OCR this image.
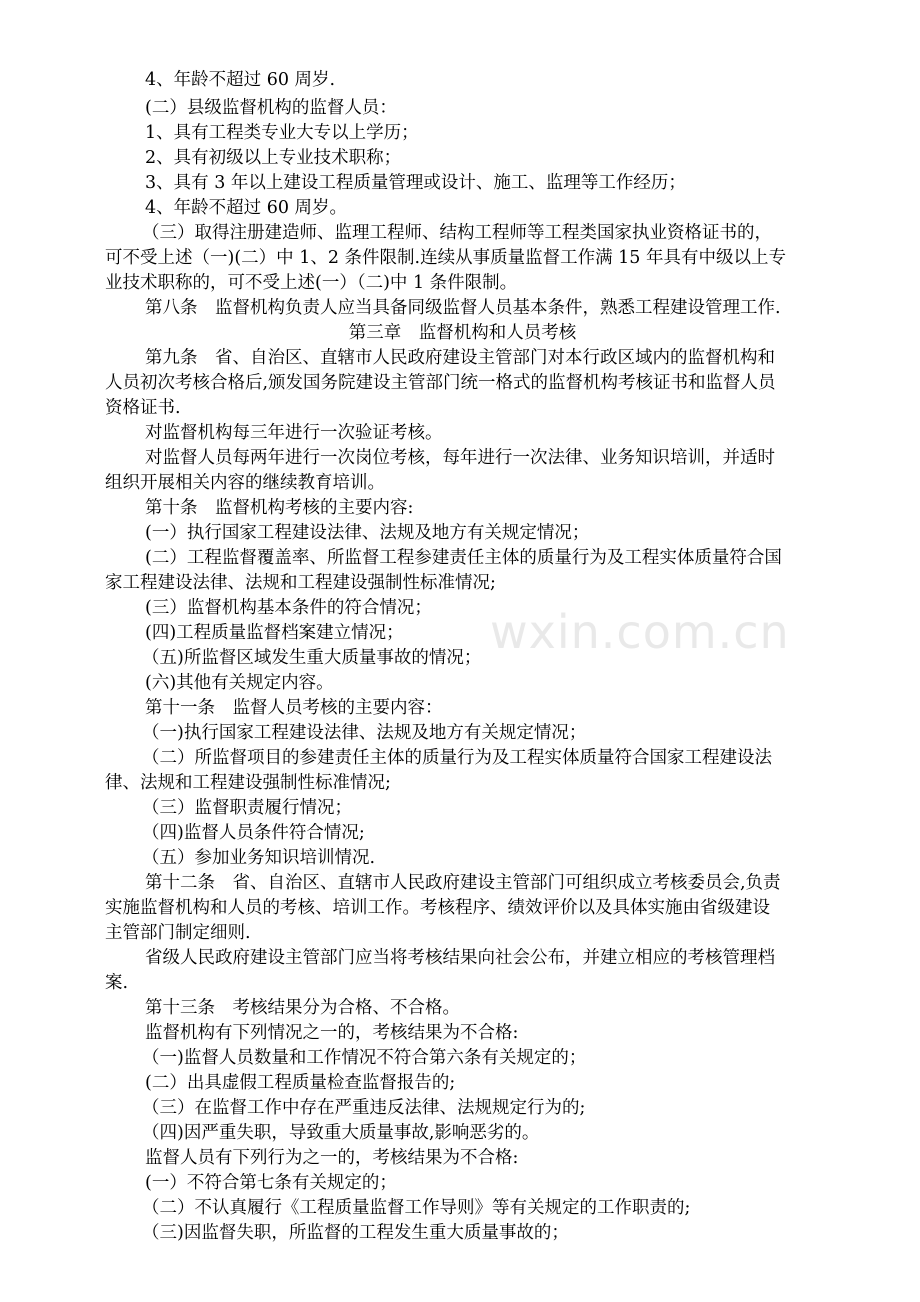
wxin.com.cn
4、年龄不超过 60 周岁.
(二）县级监督机构的监督人员：
1、具有工程类专业大专以上学历；
2、具有初级以上专业技术职称；
3、具有 3 年以上建设工程质量管理或设计、施工、监理等工作经历；
4、年龄不超过 60 周岁。
（三）取得注册建造师、监理工程师、结构工程师等工程类国家执业资格证书的，
可不受上述（一)(二）中 1、2 条件限制.连续从事质量监督工作满 15 年具有中级以上专
业技术职称的，可不受上述(一）（二)中 1 条件限制。
第八条　监督机构负责人应当具备同级监督人员基本条件，熟悉工程建设管理工作.
第三章　监督机构和人员考核
第九条　省、自治区、直辖市人民政府建设主管部门对本行政区域内的监督机构和
人员初次考核合格后,颁发国务院建设主管部门统一格式的监督机构考核证书和监督人员
资格证书.
对监督机构每三年进行一次验证考核。
对监督人员每两年进行一次岗位考核，每年进行一次法律、业务知识培训，并适时
组织开展相关内容的继续教育培训。
第十条　监督机构考核的主要内容:
(一）执行国家工程建设法律、法规及地方有关规定情况；
(二）工程监督覆盖率、所监督工程参建责任主体的质量行为及工程实体质量符合国
家工程建设法律、法规和工程建设强制性标准情况;
(三）监督机构基本条件的符合情况；
(四)工程质量监督档案建立情况；
（五)所监督区域发生重大质量事故的情况；
(六)其他有关规定内容。
第十一条　监督人员考核的主要内容：
（一)执行国家工程建设法律、法规及地方有关规定情况；
（二）所监督项目的参建责任主体的质量行为及工程实体质量符合国家工程建设法
律、法规和工程建设强制性标准情况;
（三）监督职责履行情况；
（四)监督人员条件符合情况;
（五）参加业务知识培训情况.
第十二条　省、自治区、直辖市人民政府建设主管部门可组织成立考核委员会,负责
实施监督机构和人员的考核、培训工作。考核程序、绩效评价以及具体实施由省级建设
主管部门制定细则.
省级人民政府建设主管部门应当将考核结果向社会公布，并建立相应的考核管理档
案.
第十三条　考核结果分为合格、不合格。
监督机构有下列情况之一的，考核结果为不合格:
（一)监督人员数量和工作情况不符合第六条有关规定的；
(二）出具虚假工程质量检查监督报告的;
（三）在监督工作中存在严重违反法律、法规规定行为的;
（四)因严重失职，导致重大质量事故,影响恶劣的。
监督人员有下列行为之一的，考核结果为不合格:
(一）不符合第七条有关规定的；
（二）不认真履行《工程质量监督工作导则》等有关规定的工作职责的;
（三)因监督失职，所监督的工程发生重大质量事故的；
